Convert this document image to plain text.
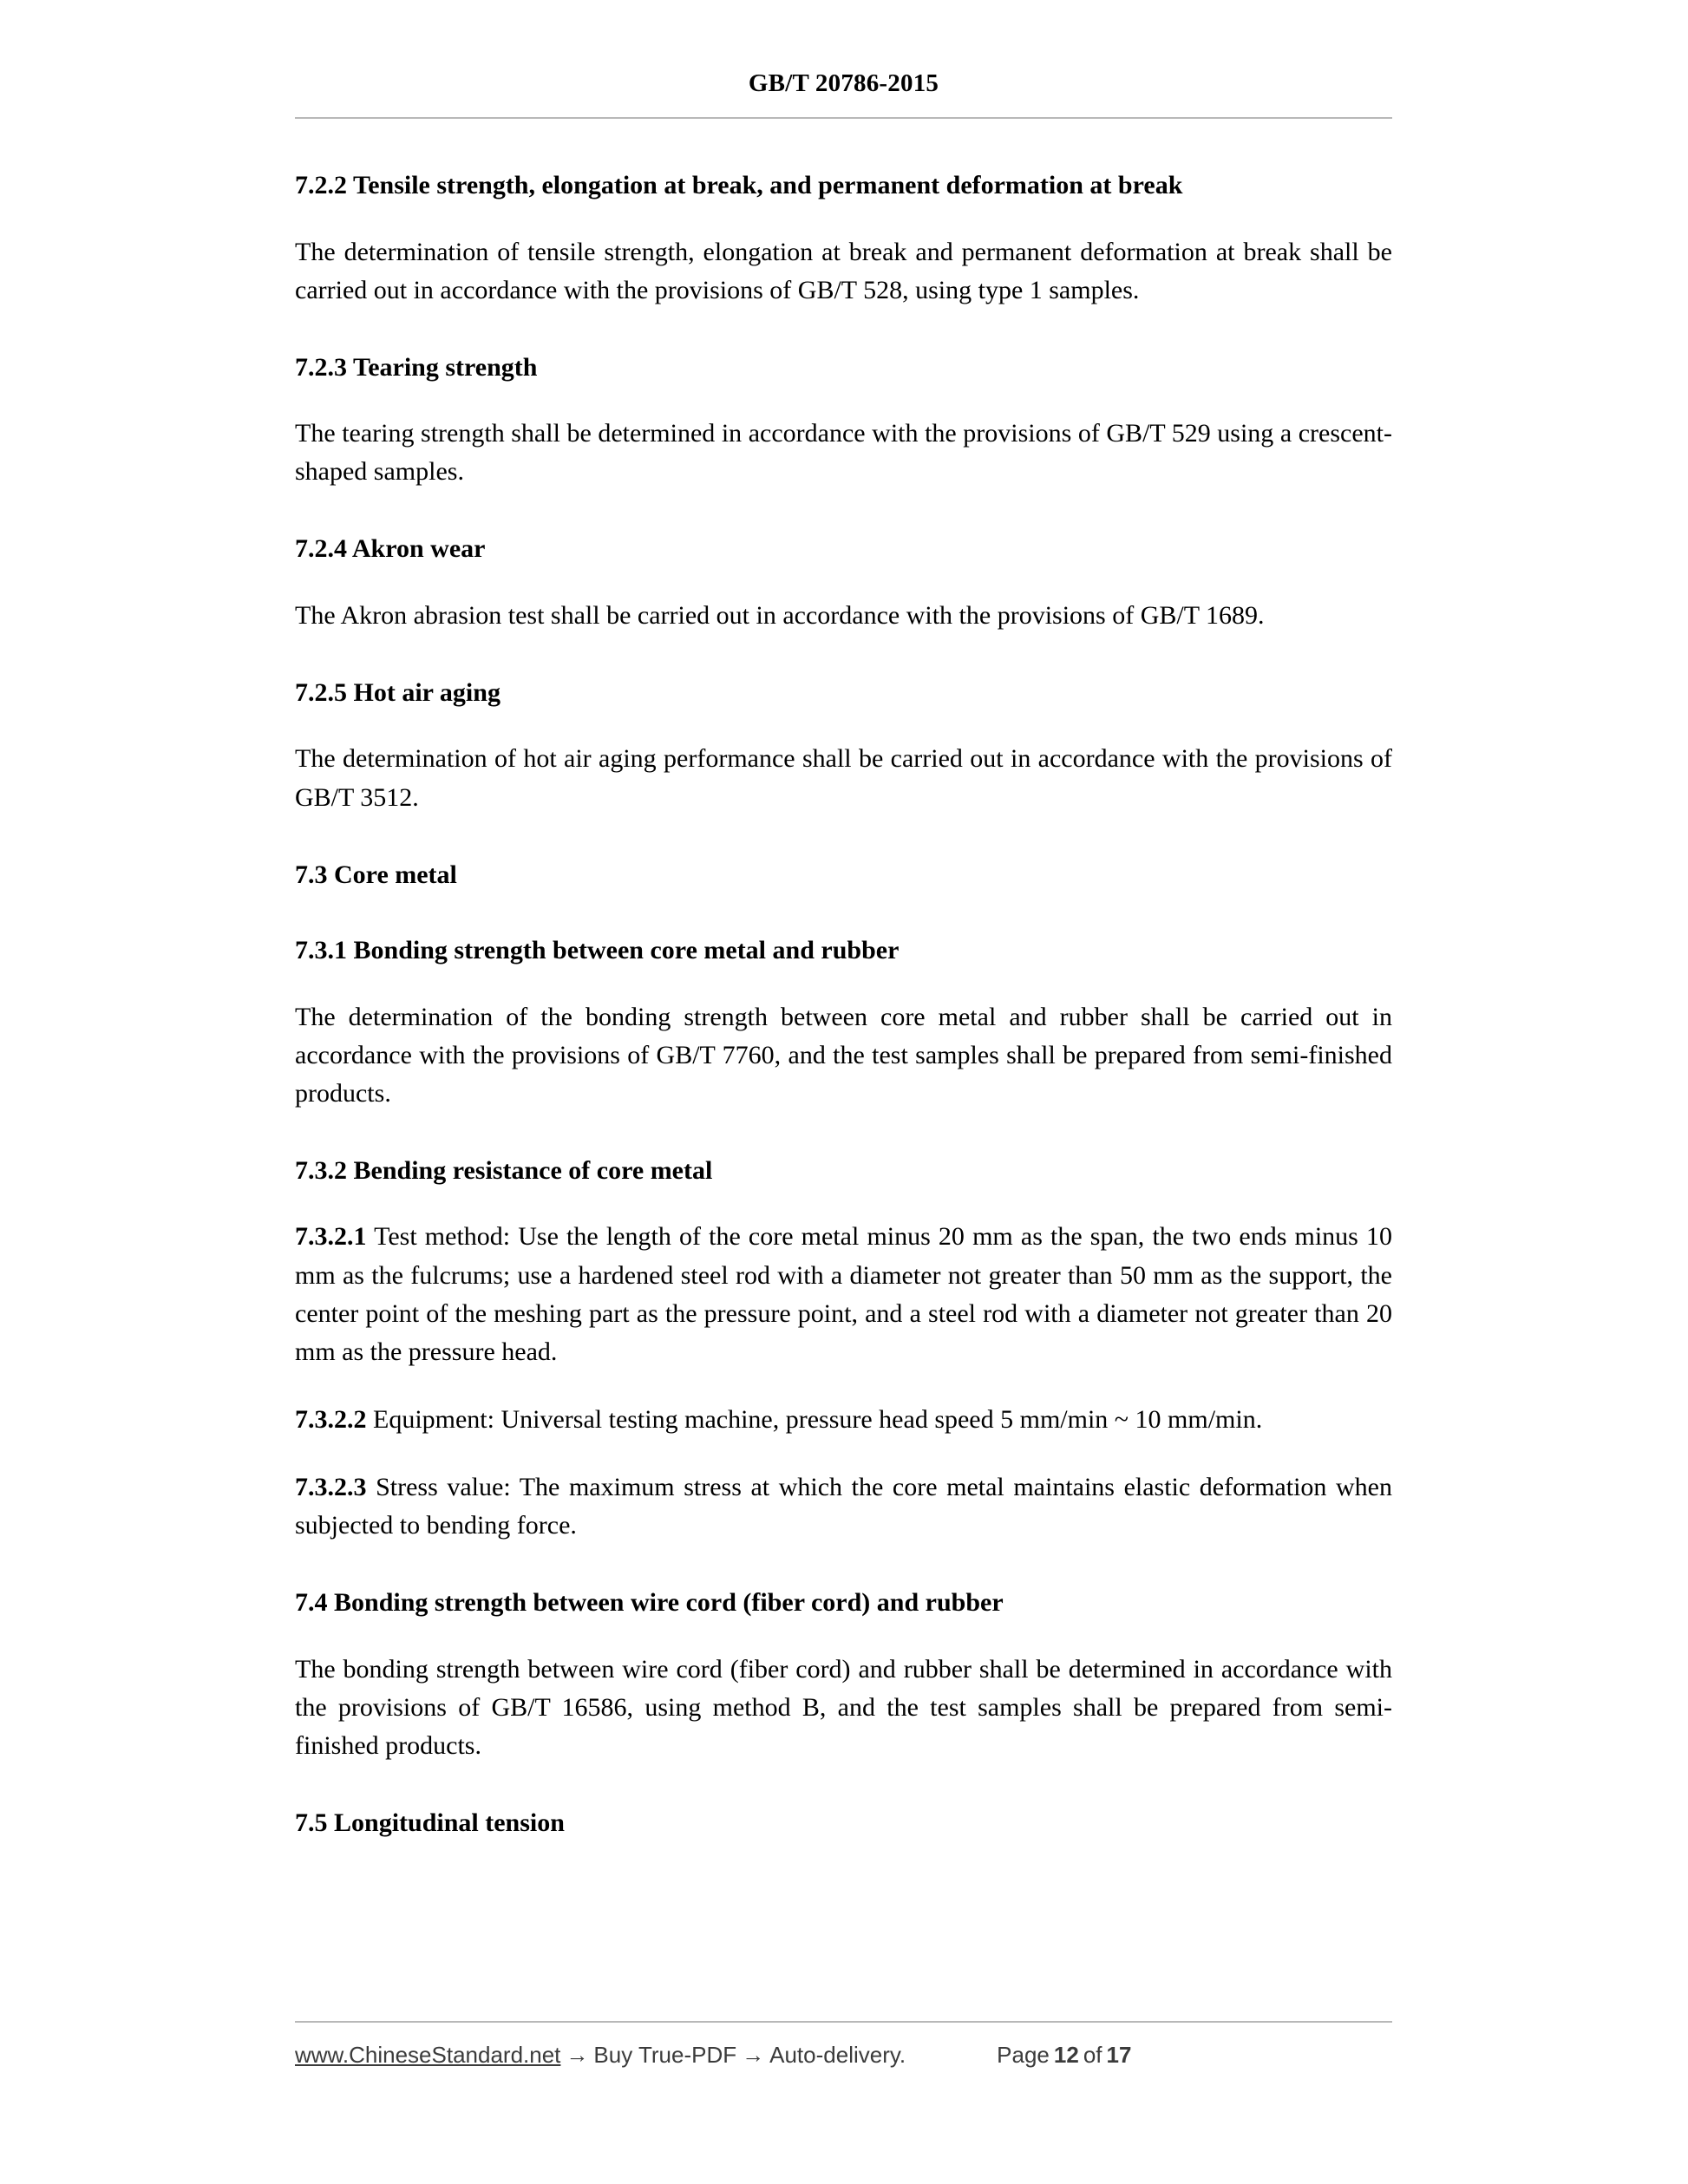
GB/T 20786-2015
7.2.2 Tensile strength, elongation at break, and permanent deformation at break

The determination of tensile strength, elongation at break and permanent deformation at break shall be carried out in accordance with the provisions of GB/T 528, using type 1 samples.

7.2.3 Tearing strength

The tearing strength shall be determined in accordance with the provisions of GB/T 529 using a crescent-shaped samples.

7.2.4 Akron wear

The Akron abrasion test shall be carried out in accordance with the provisions of GB/T 1689.

7.2.5 Hot air aging

The determination of hot air aging performance shall be carried out in accordance with the provisions of GB/T 3512.

7.3 Core metal
7.3.1 Bonding strength between core metal and rubber

The determination of the bonding strength between core metal and rubber shall be carried out in accordance with the provisions of GB/T 7760, and the test samples shall be prepared from semi-finished products.

7.3.2 Bending resistance of core metal

7.3.2.1 Test method: Use the length of the core metal minus 20 mm as the span, the two ends minus 10 mm as the fulcrums; use a hardened steel rod with a diameter not greater than 50 mm as the support, the center point of the meshing part as the pressure point, and a steel rod with a diameter not greater than 20 mm as the pressure head.

7.3.2.2 Equipment: Universal testing machine, pressure head speed 5 mm/min ~ 10 mm/min.

7.3.2.3 Stress value: The maximum stress at which the core metal maintains elastic deformation when subjected to bending force.

7.4 Bonding strength between wire cord (fiber cord) and rubber

The bonding strength between wire cord (fiber cord) and rubber shall be determined in accordance with the provisions of GB/T 16586, using method B, and the test samples shall be prepared from semi-finished products.

7.5 Longitudinal tension
www.ChineseStandard.net → Buy True-PDF → Auto-delivery.	Page 12 of 17
